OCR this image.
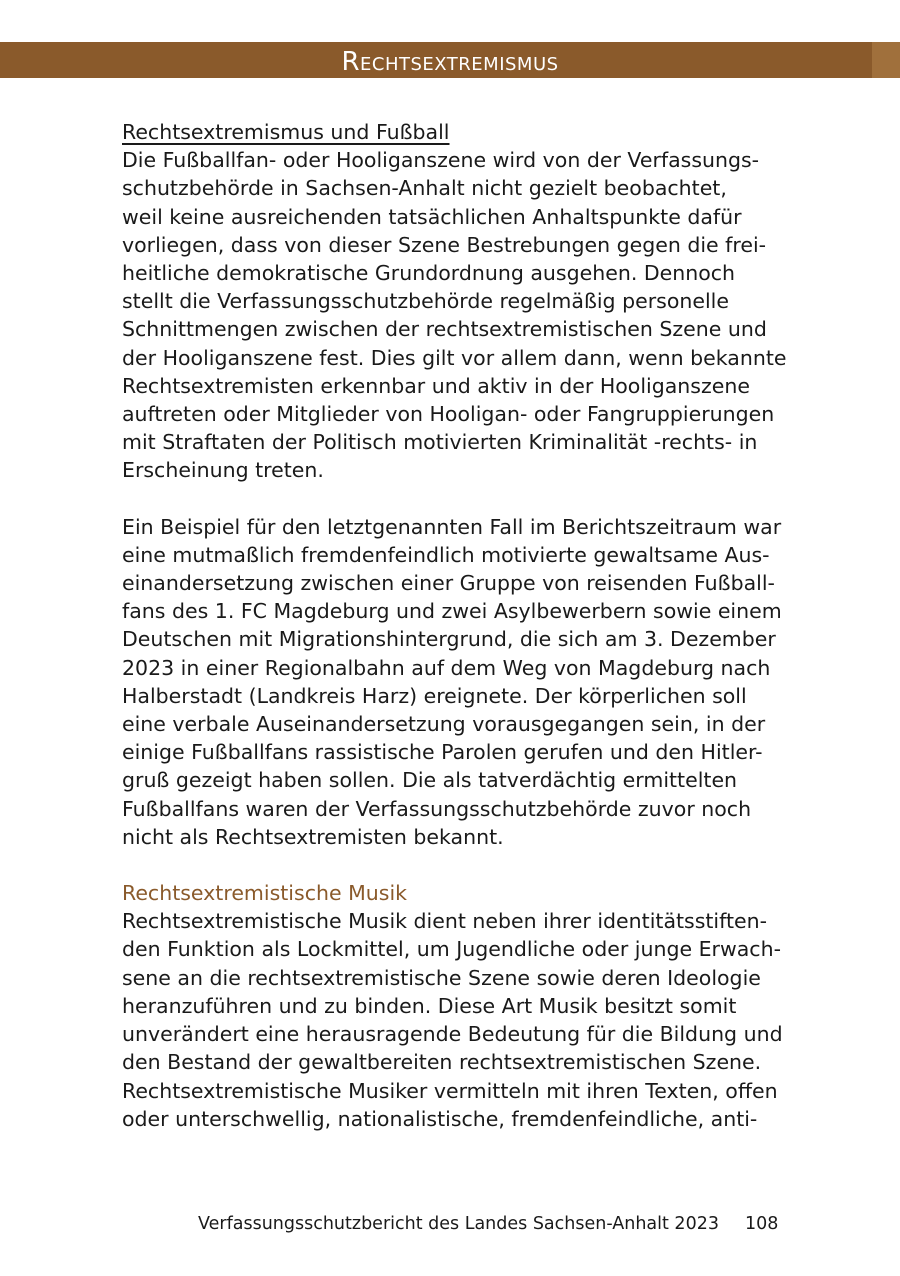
Rechtsextremismus

Rechtsextremismus und Fußball

Die Fußballfan- oder Hooliganszene wird von der Verfassungs-
schutzbehörde in Sachsen-Anhalt nicht gezielt beobachtet,
weil keine ausreichenden tatsächlichen Anhaltspunkte dafür
vorliegen, dass von dieser Szene Bestrebungen gegen die frei-
heitliche demokratische Grundordnung ausgehen. Dennoch
stellt die Verfassungsschutzbehörde regelmäßig personelle
Schnittmengen zwischen der rechtsextremistischen Szene und
der Hooliganszene fest. Dies gilt vor allem dann, wenn bekannte
Rechtsextremisten erkennbar und aktiv in der Hooliganszene
auftreten oder Mitglieder von Hooligan- oder Fangruppierungen
mit Straftaten der Politisch motivierten Kriminalität -rechts- in
Erscheinung treten.

Ein Beispiel für den letztgenannten Fall im Berichtszeitraum war
eine mutmaßlich fremdenfeindlich motivierte gewaltsame Aus-
einandersetzung zwischen einer Gruppe von reisenden Fußball-
fans des 1. FC Magdeburg und zwei Asylbewerbern sowie einem
Deutschen mit Migrationshintergrund, die sich am 3. Dezember
2023 in einer Regionalbahn auf dem Weg von Magdeburg nach
Halberstadt (Landkreis Harz) ereignete. Der körperlichen soll
eine verbale Auseinandersetzung vorausgegangen sein, in der
einige Fußballfans rassistische Parolen gerufen und den Hitler-
gruß gezeigt haben sollen. Die als tatverdächtig ermittelten
Fußballfans waren der Verfassungsschutzbehörde zuvor noch
nicht als Rechtsextremisten bekannt.

Rechtsextremistische Musik

Rechtsextremistische Musik dient neben ihrer identitätsstiften-
den Funktion als Lockmittel, um Jugendliche oder junge Erwach-
sene an die rechtsextremistische Szene sowie deren Ideologie
heranzuführen und zu binden. Diese Art Musik besitzt somit
unverändert eine herausragende Bedeutung für die Bildung und
den Bestand der gewaltbereiten rechtsextremistischen Szene.
Rechtsextremistische Musiker vermitteln mit ihren Texten, offen
oder unterschwellig, nationalistische, fremdenfeindliche, anti-

Verfassungsschutzbericht des Landes Sachsen-Anhalt 2023 108
